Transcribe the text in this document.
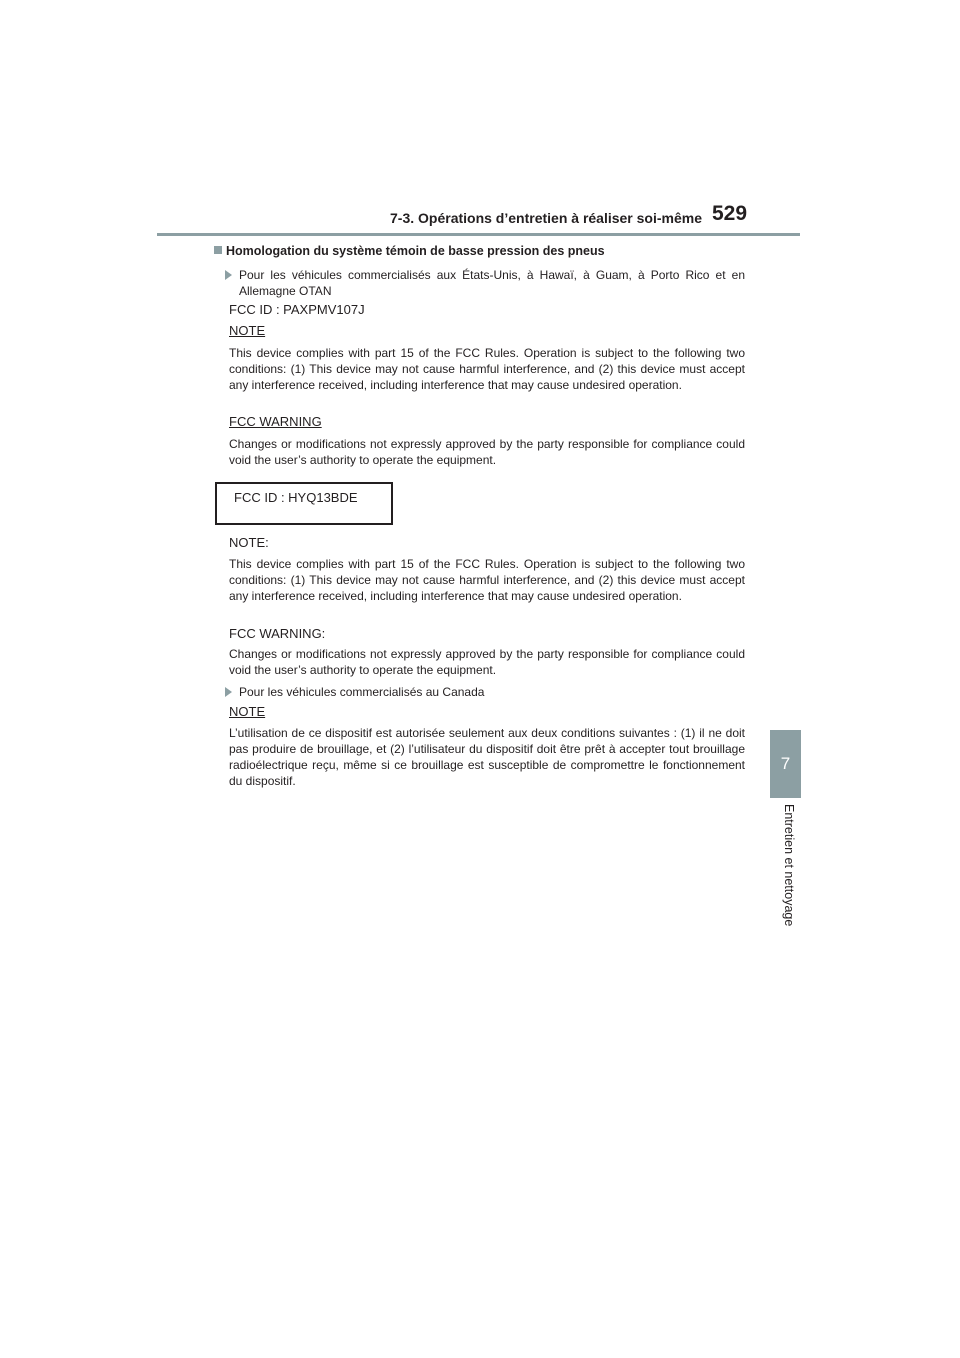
7-3. Opérations d’entretien à réaliser soi-même 529
7
Entretien et nettoyage
Homologation du système témoin de basse pression des pneus
Pour les véhicules commercialisés aux États-Unis, à Hawaï, à Guam, à Porto Rico et en Allemagne OTAN
FCC ID : PAXPMV107J
NOTE
This device complies with part 15 of the FCC Rules. Operation is subject to the following two conditions: (1) This device may not cause harmful interference, and (2) this device must accept any interference received, including interference that may cause undesired operation.
FCC WARNING
Changes or modifications not expressly approved by the party responsible for compliance could void the user’s authority to operate the equipment.
FCC ID : HYQ13BDE
NOTE:
This device complies with part 15 of the FCC Rules. Operation is subject to the following two conditions: (1) This device may not cause harmful interference, and (2) this device must accept any interference received, including interference that may cause undesired operation.
FCC WARNING:
Changes or modifications not expressly approved by the party responsible for compliance could void the user’s authority to operate the equipment.
Pour les véhicules commercialisés au Canada
NOTE
L’utilisation de ce dispositif est autorisée seulement aux deux conditions suivantes : (1) il ne doit pas produire de brouillage, et (2) l’utilisateur du dispositif doit être prêt à accepter tout brouillage radioélectrique reçu, même si ce brouillage est susceptible de compromettre le fonctionnement du dispositif.
